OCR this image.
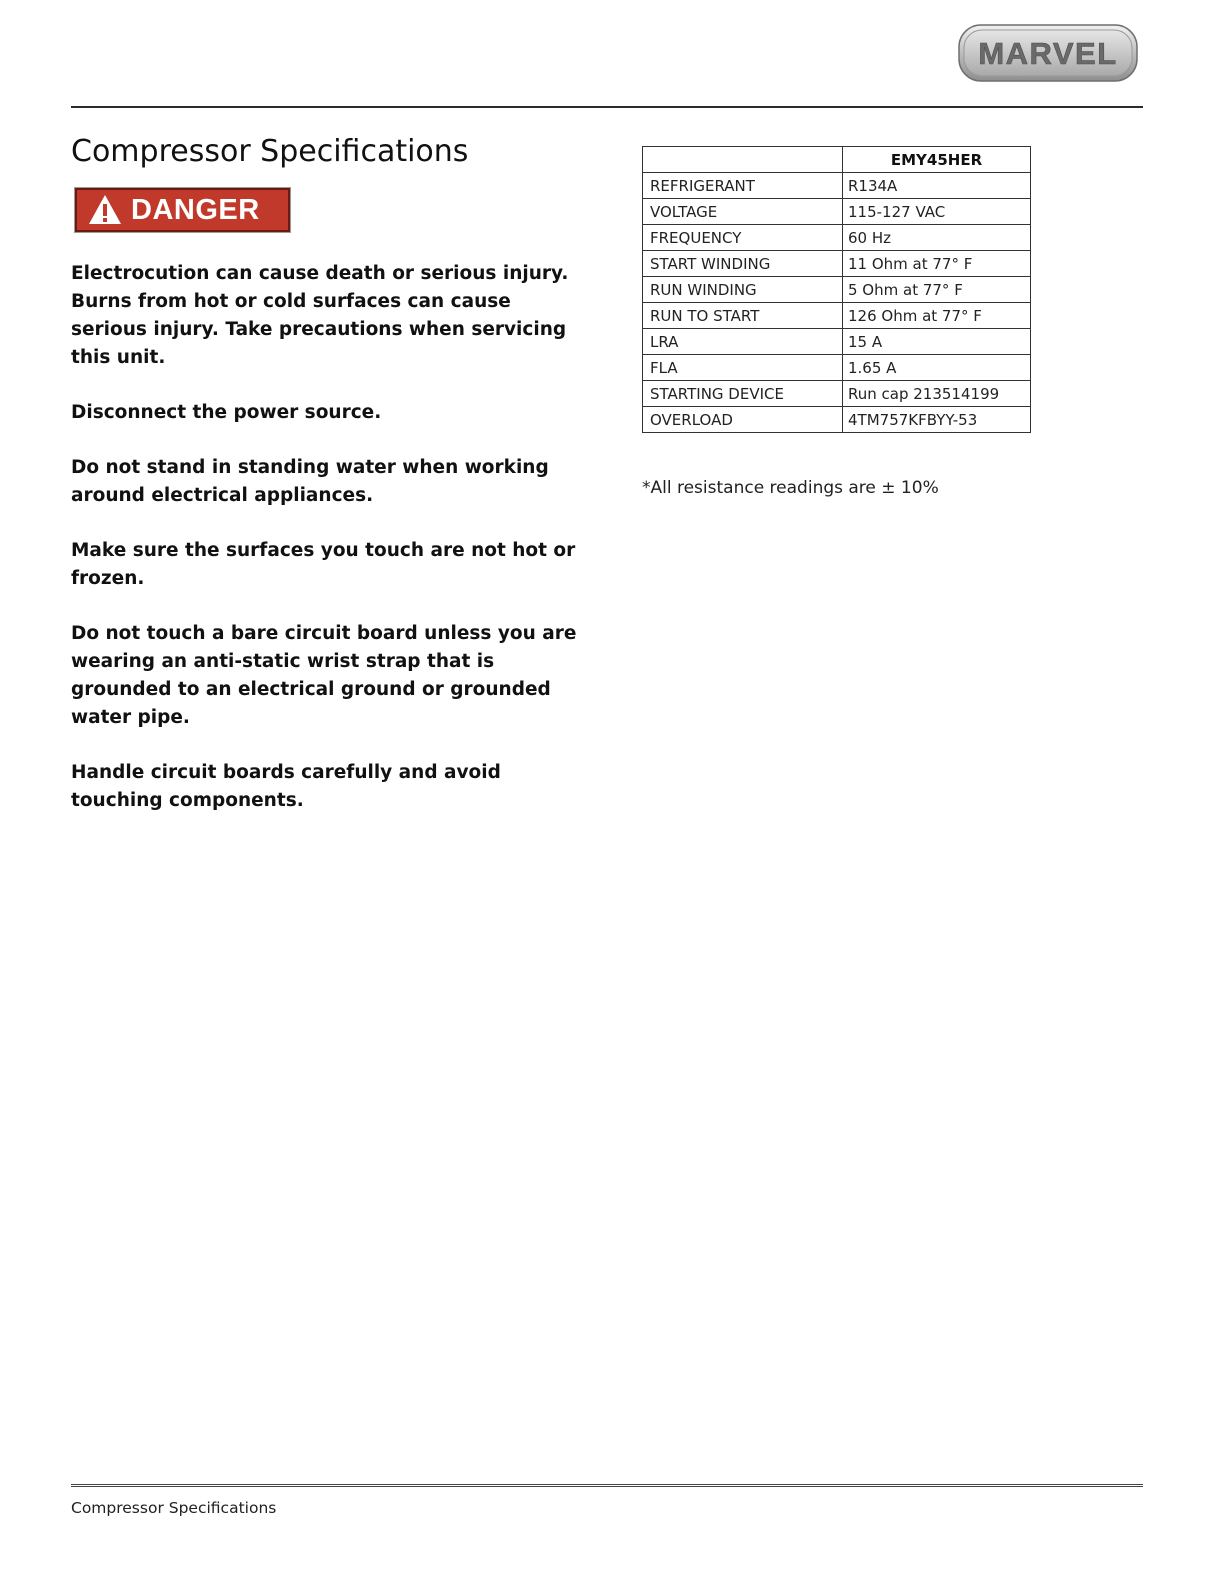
MARVEL
Compressor Specifications
DANGER

Electrocution can cause death or serious injury. Burns from hot or cold surfaces can cause serious injury. Take precautions when servicing this unit.

Disconnect the power source.

Do not stand in standing water when working around electrical appliances.

Make sure the surfaces you touch are not hot or frozen.

Do not touch a bare circuit board unless you are wearing an anti-static wrist strap that is grounded to an electrical ground or grounded water pipe.

Handle circuit boards carefully and avoid touching components.

	EMY45HER
REFRIGERANT	R134A
VOLTAGE	115-127 VAC
FREQUENCY	60 Hz
START WINDING	11 Ohm at 77° F
RUN WINDING	5 Ohm at 77° F
RUN TO START	126 Ohm at 77° F
LRA	15 A
FLA	1.65 A
STARTING DEVICE	Run cap 213514199
OVERLOAD	4TM757KFBYY-53

*All resistance readings are ± 10%

Compressor Specifications
